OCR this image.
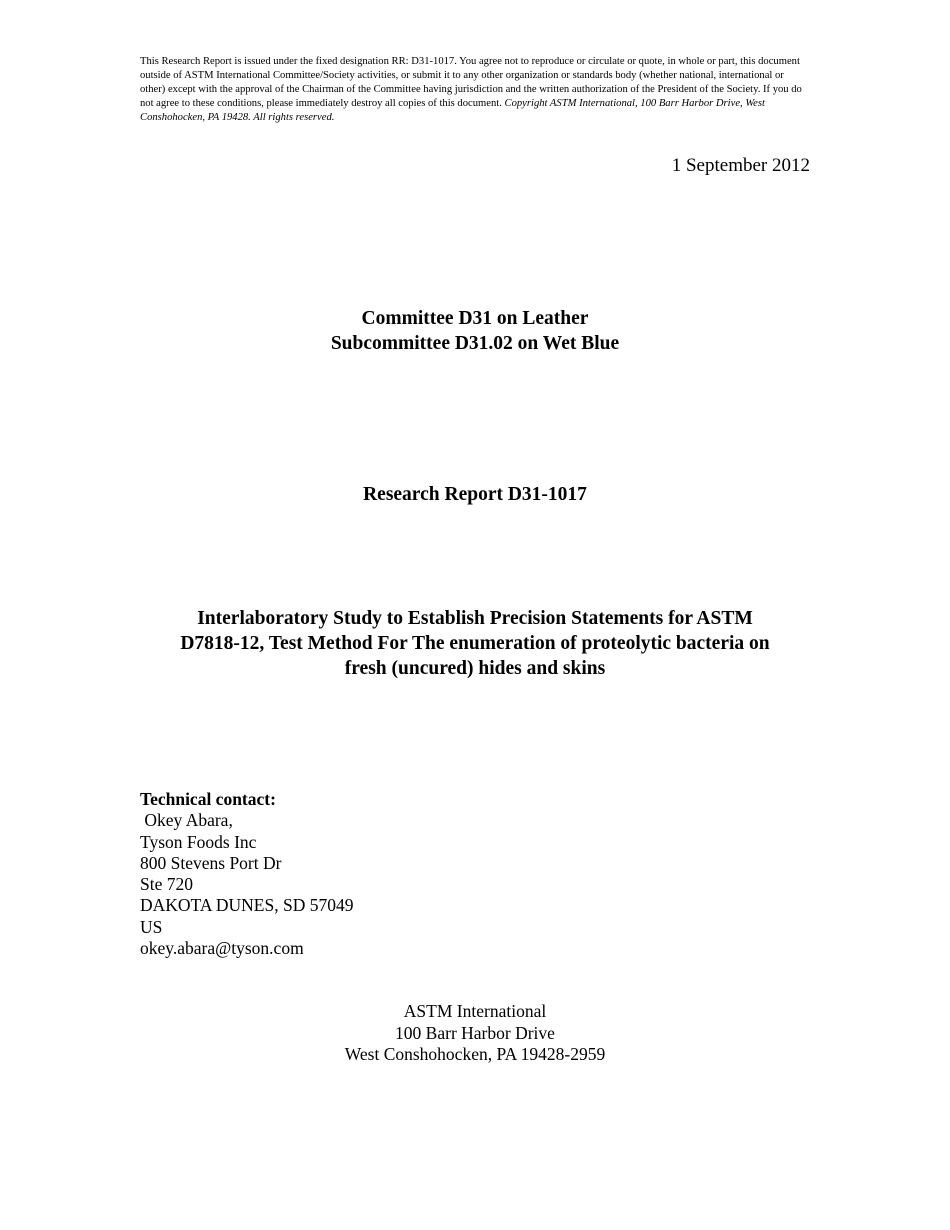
This Research Report is issued under the fixed designation RR: D31-1017. You agree not to reproduce or circulate or quote, in whole or part, this document outside of ASTM International Committee/Society activities, or submit it to any other organization or standards body (whether national, international or other) except with the approval of the Chairman of the Committee having jurisdiction and the written authorization of the President of the Society. If you do not agree to these conditions, please immediately destroy all copies of this document. Copyright ASTM International, 100 Barr Harbor Drive, West Conshohocken, PA 19428. All rights reserved.
1 September 2012
Committee D31 on Leather
Subcommittee D31.02 on Wet Blue
Research Report D31-1017
Interlaboratory Study to Establish Precision Statements for ASTM
D7818-12, Test Method For The enumeration of proteolytic bacteria on
fresh (uncured) hides and skins
Technical contact:
Okey Abara,
Tyson Foods Inc
800 Stevens Port Dr
Ste 720
DAKOTA DUNES, SD 57049
US
okey.abara@tyson.com
ASTM International
100 Barr Harbor Drive
West Conshohocken, PA 19428-2959
